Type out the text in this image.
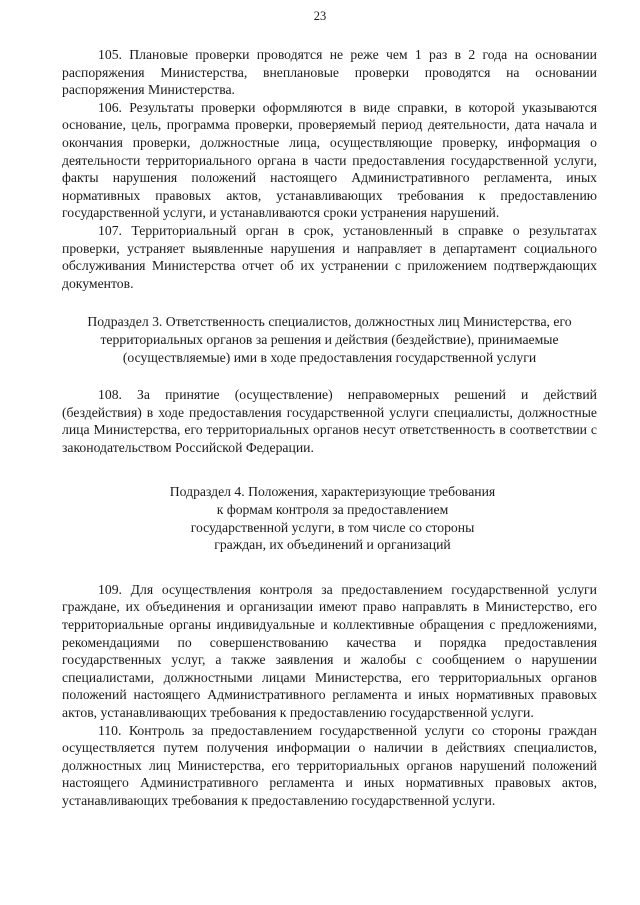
23

105. Плановые проверки проводятся не реже чем 1 раз в 2 года на основании распоряжения Министерства, внеплановые проверки проводятся на основании распоряжения Министерства.

106. Результаты проверки оформляются в виде справки, в которой указываются основание, цель, программа проверки, проверяемый период деятельности, дата начала и окончания проверки, должностные лица, осуществляющие проверку, информация о деятельности территориального органа в части предоставления государственной услуги, факты нарушения положений настоящего Административного регламента, иных нормативных правовых актов, устанавливающих требования к предоставлению государственной услуги, и устанавливаются сроки устранения нарушений.

107. Территориальный орган в срок, установленный в справке о результатах проверки, устраняет выявленные нарушения и направляет в департамент социального обслуживания Министерства отчет об их устранении с приложением подтверждающих документов.

Подраздел 3. Ответственность специалистов, должностных лиц Министерства, его территориальных органов за решения и действия (бездействие), принимаемые (осуществляемые) ими в ходе предоставления государственной услуги

108. За принятие (осуществление) неправомерных решений и действий (бездействия) в ходе предоставления государственной услуги специалисты, должностные лица Министерства, его территориальных органов несут ответственность в соответствии с законодательством Российской Федерации.

Подраздел 4. Положения, характеризующие требования к формам контроля за предоставлением государственной услуги, в том числе со стороны граждан, их объединений и организаций

109. Для осуществления контроля за предоставлением государственной услуги граждане, их объединения и организации имеют право направлять в Министерство, его территориальные органы индивидуальные и коллективные обращения с предложениями, рекомендациями по совершенствованию качества и порядка предоставления государственных услуг, а также заявления и жалобы с сообщением о нарушении специалистами, должностными лицами Министерства, его территориальных органов положений настоящего Административного регламента и иных нормативных правовых актов, устанавливающих требования к предоставлению государственной услуги.

110. Контроль за предоставлением государственной услуги со стороны граждан осуществляется путем получения информации о наличии в действиях специалистов, должностных лиц Министерства, его территориальных органов нарушений положений настоящего Административного регламента и иных нормативных правовых актов, устанавливающих требования к предоставлению государственной услуги.
